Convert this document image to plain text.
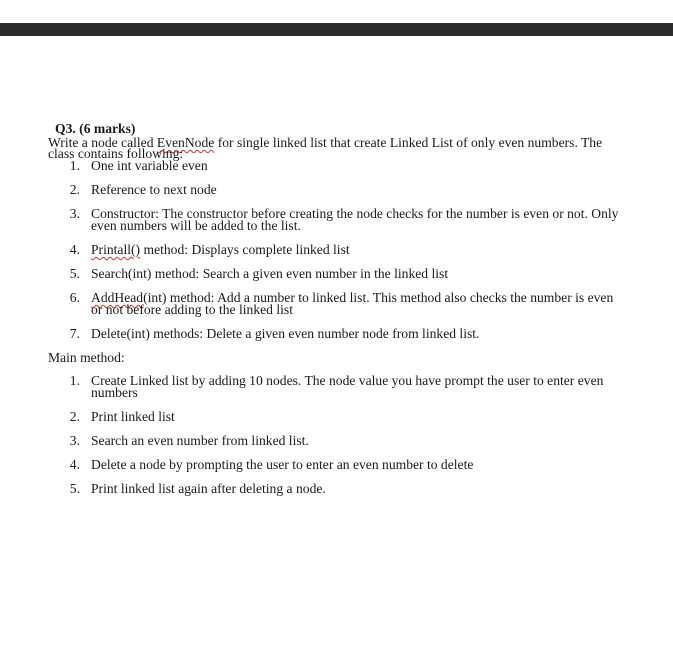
Q3. (6 marks)
Write a node called EvenNode for single linked list that create Linked List of only even numbers. The
class contains following:
1. One int variable even
2. Reference to next node
3. Constructor: The constructor before creating the node checks for the number is even or not. Only
even numbers will be added to the list.
4. Printall() method: Displays complete linked list
5. Search(int) method: Search a given even number in the linked list
6. AddHead(int) method: Add a number to linked list. This method also checks the number is even
or not before adding to the linked list
7. Delete(int) methods: Delete a given even number node from linked list.
Main method:
1. Create Linked list by adding 10 nodes. The node value you have prompt the user to enter even
numbers
2. Print linked list
3. Search an even number from linked list.
4. Delete a node by prompting the user to enter an even number to delete
5. Print linked list again after deleting a node.
